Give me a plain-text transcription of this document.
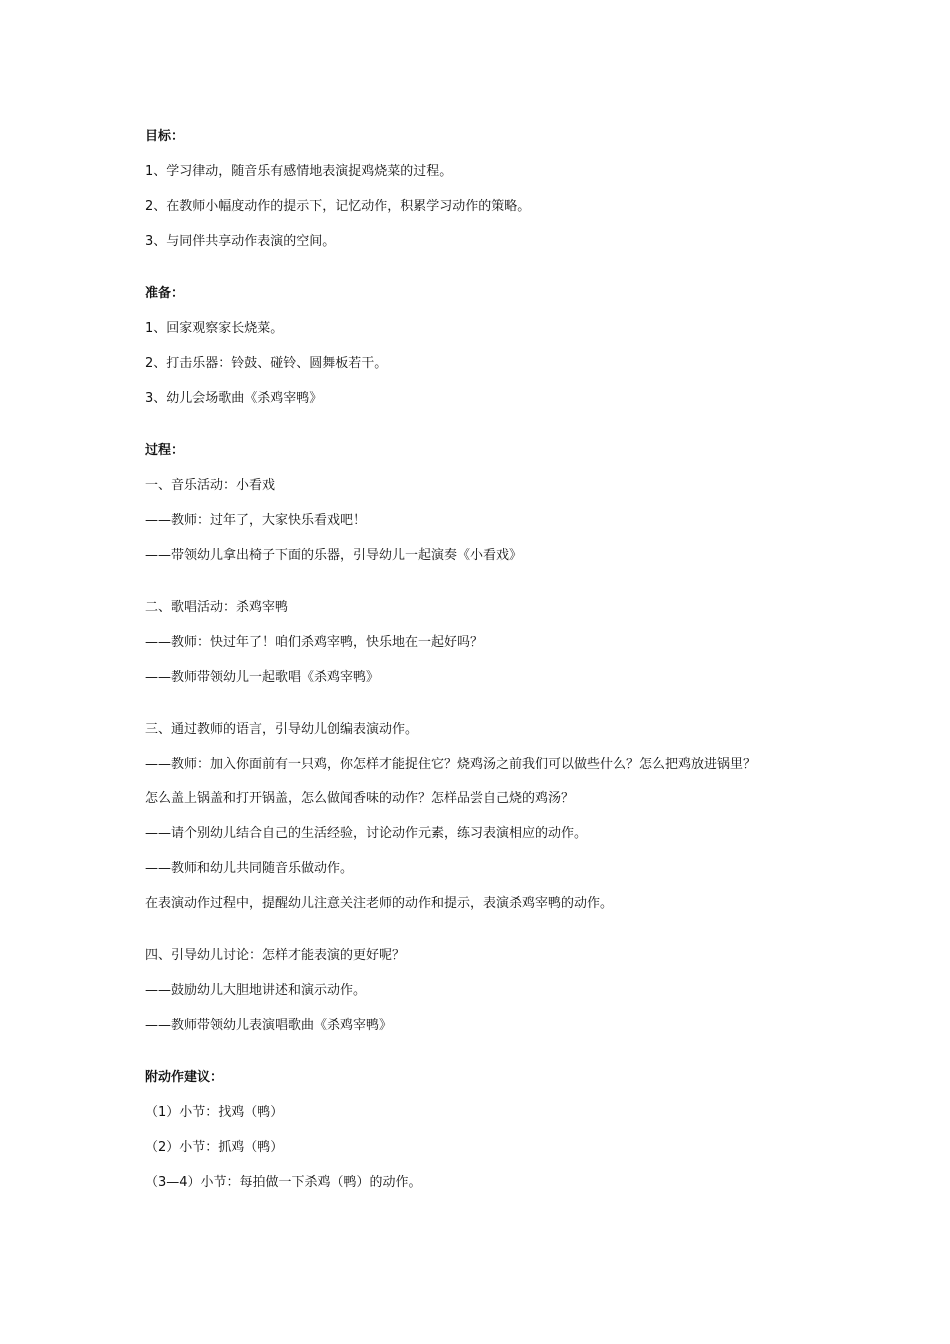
目标：
1、学习律动，随音乐有感情地表演捉鸡烧菜的过程。
2、在教师小幅度动作的提示下，记忆动作，积累学习动作的策略。
3、与同伴共享动作表演的空间。
准备：
1、回家观察家长烧菜。
2、打击乐器：铃鼓、碰铃、圆舞板若干。
3、幼儿会场歌曲《杀鸡宰鸭》
过程：
一、音乐活动：小看戏
——教师：过年了，大家快乐看戏吧！
——带领幼儿拿出椅子下面的乐器，引导幼儿一起演奏《小看戏》
二、歌唱活动：杀鸡宰鸭
——教师：快过年了！咱们杀鸡宰鸭，快乐地在一起好吗？
——教师带领幼儿一起歌唱《杀鸡宰鸭》
三、通过教师的语言，引导幼儿创编表演动作。
——教师：加入你面前有一只鸡，你怎样才能捉住它？烧鸡汤之前我们可以做些什么？怎么把鸡放进锅里？
怎么盖上锅盖和打开锅盖，怎么做闻香味的动作？怎样品尝自己烧的鸡汤？
——请个别幼儿结合自己的生活经验，讨论动作元素，练习表演相应的动作。
——教师和幼儿共同随音乐做动作。
在表演动作过程中，提醒幼儿注意关注老师的动作和提示，表演杀鸡宰鸭的动作。
四、引导幼儿讨论：怎样才能表演的更好呢？
——鼓励幼儿大胆地讲述和演示动作。
——教师带领幼儿表演唱歌曲《杀鸡宰鸭》
附动作建议：
（1）小节：找鸡（鸭）
（2）小节：抓鸡（鸭）
（3—4）小节：每拍做一下杀鸡（鸭）的动作。
